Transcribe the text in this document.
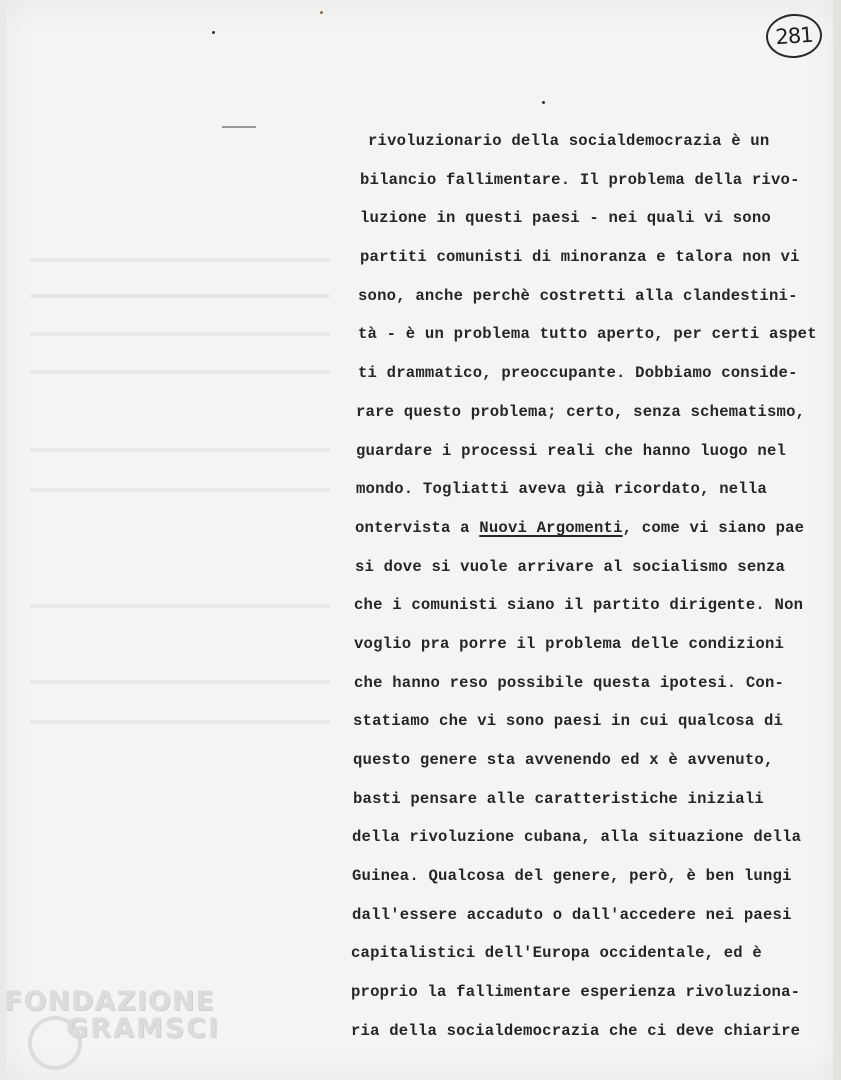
281
rivoluzionario della socialdemocrazia è un
bilancio fallimentare. Il problema della rivo-
luzione in questi paesi - nei quali vi sono
partiti comunisti di minoranza e talora non vi
sono, anche perchè costretti alla clandestini-
tà - è un problema tutto aperto, per certi aspet
ti drammatico, preoccupante. Dobbiamo conside-
rare questo problema; certo, senza schematismo,
guardare i processi reali che hanno luogo nel
mondo. Togliatti aveva già ricordato, nella
ontervista a Nuovi Argomenti, come vi siano pae
si dove si vuole arrivare al socialismo senza
che i comunisti siano il partito dirigente. Non
voglio pra porre il problema delle condizioni
che hanno reso possibile questa ipotesi. Con-
statiamo che vi sono paesi in cui qualcosa di
questo genere sta avvenendo ed x è avvenuto,
basti pensare alle caratteristiche iniziali
della rivoluzione cubana, alla situazione della
Guinea. Qualcosa del genere, però, è ben lungi
dall'essere accaduto o dall'accedere nei paesi
capitalistici dell'Europa occidentale, ed è
proprio la fallimentare esperienza rivoluziona-
ria della socialdemocrazia che ci deve chiarire
FONDAZIONE
GRAMSCI
